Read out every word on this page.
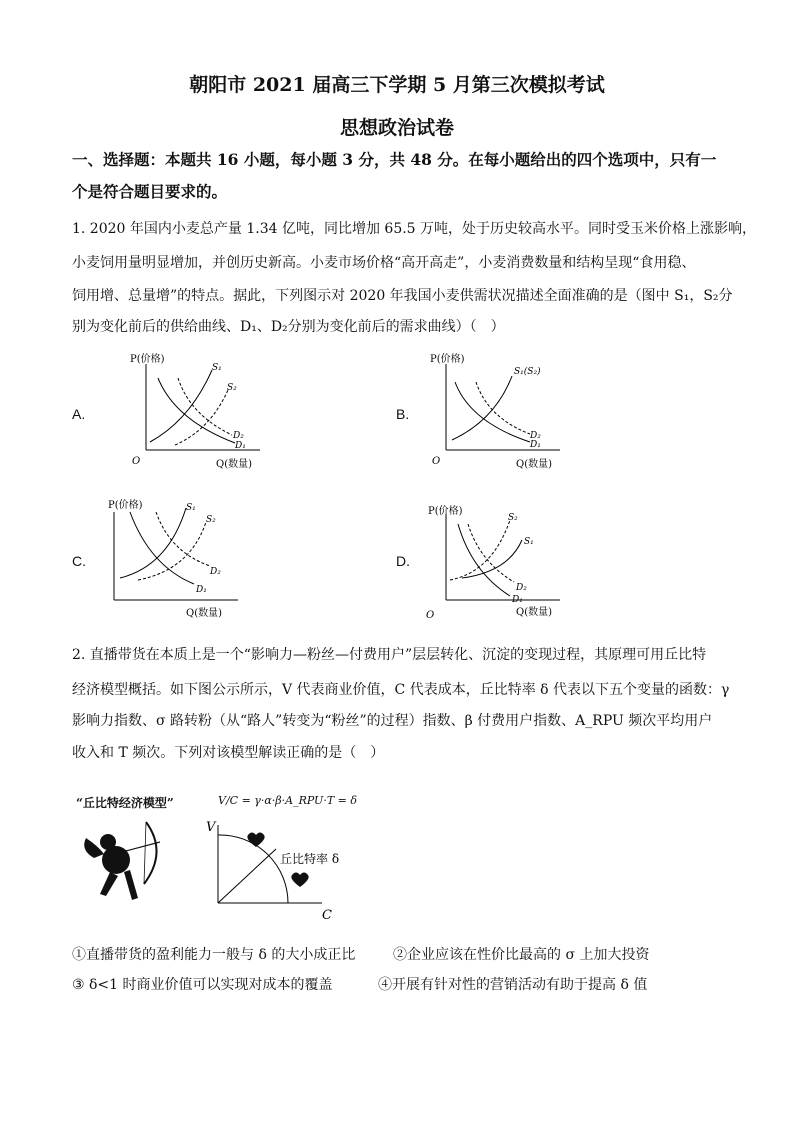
朝阳市 2021 届高三下学期 5 月第三次模拟考试
思想政治试卷
一、选择题：本题共 16 小题，每小题 3 分，共 48 分。在每小题给出的四个选项中，只有一
个是符合题目要求的。
1. 2020 年国内小麦总产量 1.34 亿吨，同比增加 65.5 万吨，处于历史较高水平。同时受玉米价格上涨影响，
小麦饲用量明显增加，并创历史新高。小麦市场价格“高开高走”，小麦消费数量和结构呈现“食用稳、
饲用增、总量增”的特点。据此，下列图示对 2020 年我国小麦供需状况描述全面准确的是（图中 S₁，S₂分
别为变化前后的供给曲线、D₁、D₂分别为变化前后的需求曲线）（　）
A.
P(价格)
Q(数量)
O
S₁
S₂
D₁
D₂
B.
P(价格)
Q(数量)
O
S₁(S₂)
D₁
D₂
C.
P(价格)
Q(数量)
S₁
S₂
D₁
D₂
D.
P(价格)
Q(数量)
O
S₂
S₁
D₁
D₂
2. 直播带货在本质上是一个“影响力—粉丝—付费用户”层层转化、沉淀的变现过程，其原理可用丘比特
经济模型概括。如下图公示所示，V 代表商业价值，C 代表成本，丘比特率 δ 代表以下五个变量的函数：γ
影响力指数、σ 路转粉（从“路人”转变为“粉丝”的过程）指数、β 付费用户指数、A_RPU 频次平均用户
收入和 T 频次。下列对该模型解读正确的是（　）
“丘比特经济模型”	V/C = γ·α·β·A_RPU·T = δ
V
C
丘比特率 δ
①直播带货的盈利能力一般与 δ 的大小成正比	②企业应该在性价比最高的 σ 上加大投资
③ δ<1 时商业价值可以实现对成本的覆盖	④开展有针对性的营销活动有助于提高 δ 值
